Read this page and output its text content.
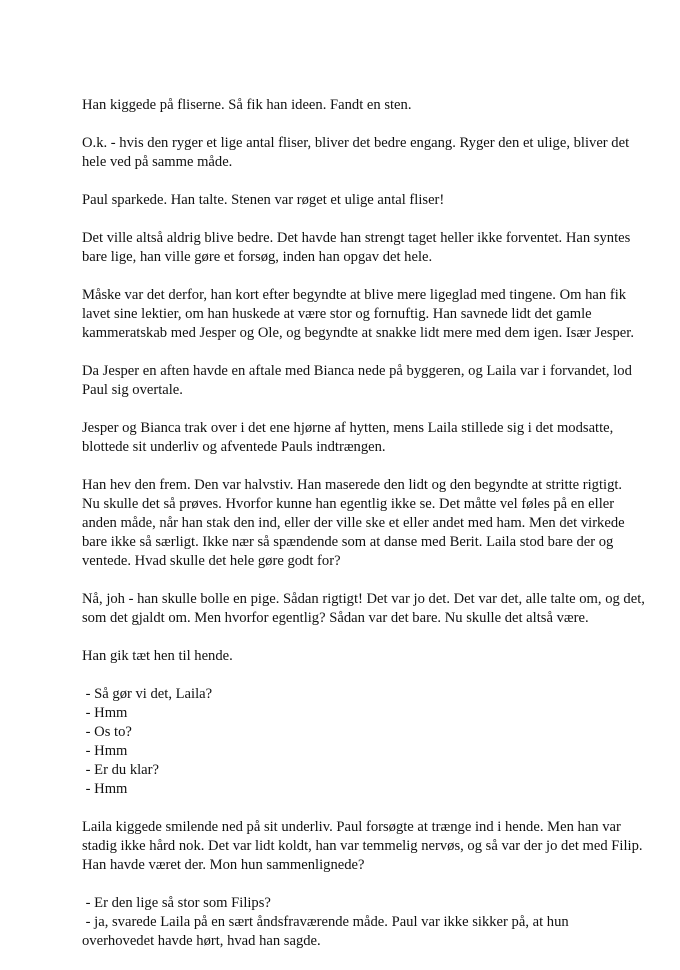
Han kiggede på fliserne. Så fik han ideen. Fandt en sten.
O.k. - hvis den ryger et lige antal fliser, bliver det bedre engang. Ryger den et ulige, bliver det
hele ved på samme måde.
Paul sparkede. Han talte. Stenen var røget et ulige antal fliser!
Det ville altså aldrig blive bedre. Det havde han strengt taget heller ikke forventet. Han syntes
bare lige, han ville gøre et forsøg, inden han opgav det hele.
Måske var det derfor, han kort efter begyndte at blive mere ligeglad med tingene. Om han fik
lavet sine lektier, om han huskede at være stor og fornuftig. Han savnede lidt det gamle
kammeratskab med Jesper og Ole, og begyndte at snakke lidt mere med dem igen. Især Jesper.
Da Jesper en aften havde en aftale med Bianca nede på byggeren, og Laila var i forvandet, lod
Paul sig overtale.
Jesper og Bianca trak over i det ene hjørne af hytten, mens Laila stillede sig i det modsatte,
blottede sit underliv og afventede Pauls indtrængen.
Han hev den frem. Den var halvstiv. Han maserede den lidt og den begyndte at stritte rigtigt.
Nu skulle det så prøves. Hvorfor kunne han egentlig ikke se. Det måtte vel føles på en eller
anden måde, når han stak den ind, eller der ville ske et eller andet med ham. Men det virkede
bare ikke så særligt. Ikke nær så spændende som at danse med Berit. Laila stod bare der og
ventede. Hvad skulle det hele gøre godt for?
Nå, joh - han skulle bolle en pige. Sådan rigtigt! Det var jo det. Det var det, alle talte om, og det,
som det gjaldt om. Men hvorfor egentlig? Sådan var det bare. Nu skulle det altså være.
Han gik tæt hen til hende.
- Så gør vi det, Laila?
- Hmm
- Os to?
- Hmm
- Er du klar?
- Hmm
Laila kiggede smilende ned på sit underliv. Paul forsøgte at trænge ind i hende. Men han var
stadig ikke hård nok. Det var lidt koldt, han var temmelig nervøs, og så var der jo det med Filip.
Han havde været der. Mon hun sammenlignede?
- Er den lige så stor som Filips?
- ja, svarede Laila på en sært åndsfraværende måde. Paul var ikke sikker på, at hun
overhovedet havde hørt, hvad han sagde.
